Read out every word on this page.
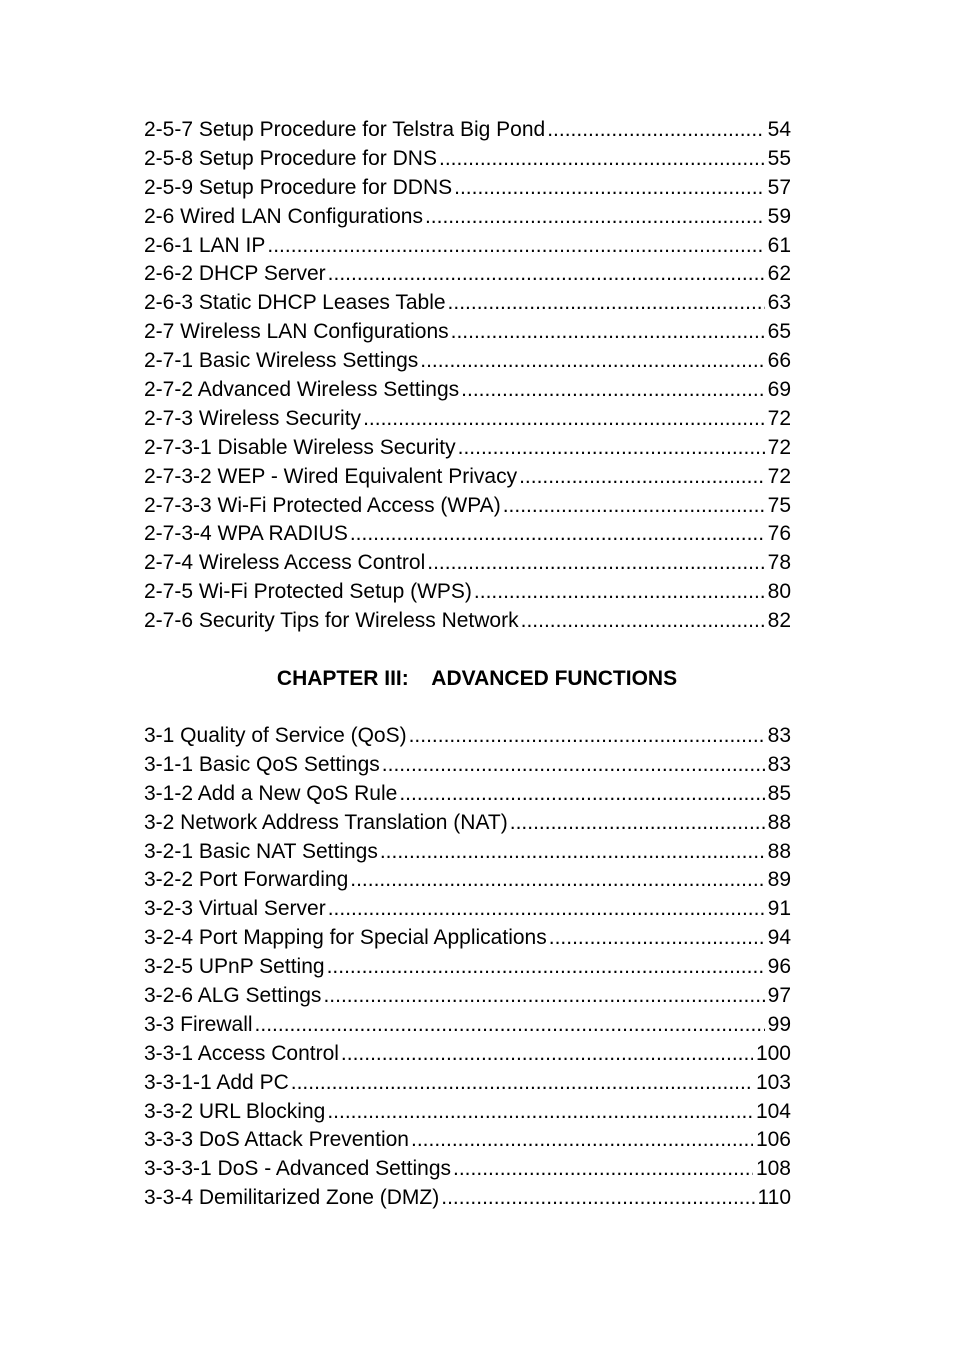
2-5-7 Setup Procedure for Telstra Big Pond .....	54
2-5-8 Setup Procedure for DNS .....	55
2-5-9 Setup Procedure for DDNS .....	57
2-6 Wired LAN Configurations .....	59
2-6-1 LAN IP .....	61
2-6-2 DHCP Server .....	62
2-6-3 Static DHCP Leases Table .....	63
2-7 Wireless LAN Configurations .....	65
2-7-1 Basic Wireless Settings .....	66
2-7-2 Advanced Wireless Settings .....	69
2-7-3 Wireless Security .....	72
2-7-3-1 Disable Wireless Security .....	72
2-7-3-2 WEP - Wired Equivalent Privacy .....	72
2-7-3-3 Wi-Fi Protected Access (WPA) .....	75
2-7-3-4 WPA RADIUS .....	76
2-7-4 Wireless Access Control .....	78
2-7-5 Wi-Fi Protected Setup (WPS) .....	80
2-7-6 Security Tips for Wireless Network .....	82
CHAPTER III:    ADVANCED FUNCTIONS
3-1 Quality of Service (QoS) .....	83
3-1-1 Basic QoS Settings .....	83
3-1-2 Add a New QoS Rule .....	85
3-2 Network Address Translation (NAT) .....	88
3-2-1 Basic NAT Settings .....	88
3-2-2 Port Forwarding .....	89
3-2-3 Virtual Server .....	91
3-2-4 Port Mapping for Special Applications .....	94
3-2-5 UPnP Setting .....	96
3-2-6 ALG Settings .....	97
3-3 Firewall .....	99
3-3-1 Access Control .....	100
3-3-1-1 Add PC .....	103
3-3-2 URL Blocking .....	104
3-3-3 DoS Attack Prevention .....	106
3-3-3-1 DoS - Advanced Settings .....	108
3-3-4 Demilitarized Zone (DMZ) .....	110
